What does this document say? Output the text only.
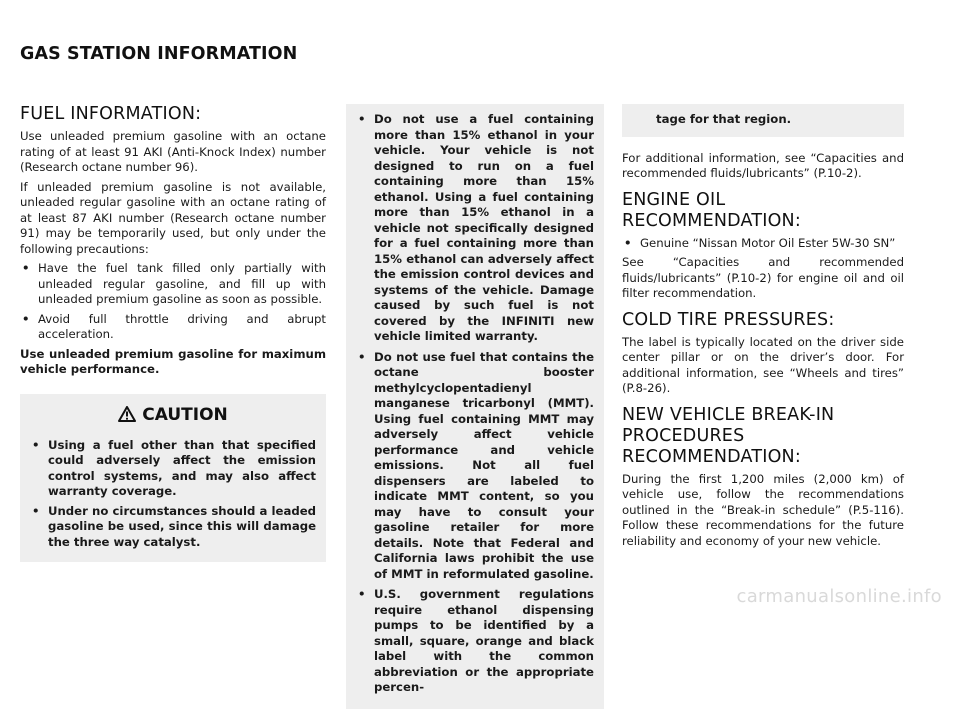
GAS STATION INFORMATION
FUEL INFORMATION:

Use unleaded premium gasoline with an octane rating of at least 91 AKI (Anti-Knock Index) number (Research octane number 96).

If unleaded premium gasoline is not available, unleaded regular gasoline with an octane rating of at least 87 AKI number (Research octane number 91) may be temporarily used, but only under the following precautions:

• Have the fuel tank filled only partially with unleaded regular gasoline, and fill up with unleaded premium gasoline as soon as possible.
• Avoid full throttle driving and abrupt acceleration.

Use unleaded premium gasoline for maximum vehicle performance.

CAUTION
• Using a fuel other than that specified could adversely affect the emission control systems, and may also affect warranty coverage.
• Under no circumstances should a leaded gasoline be used, since this will damage the three way catalyst.
• Do not use a fuel containing more than 15% ethanol in your vehicle. Your vehicle is not designed to run on a fuel containing more than 15% ethanol. Using a fuel containing more than 15% ethanol in a vehicle not specifically designed for a fuel containing more than 15% ethanol can adversely affect the emission control devices and systems of the vehicle. Damage caused by such fuel is not covered by the INFINITI new vehicle limited warranty.
• Do not use fuel that contains the octane booster methylcyclopentadienyl manganese tricarbonyl (MMT). Using fuel containing MMT may adversely affect vehicle performance and vehicle emissions. Not all fuel dispensers are labeled to indicate MMT content, so you may have to consult your gasoline retailer for more details. Note that Federal and California laws prohibit the use of MMT in reformulated gasoline.
• U.S. government regulations require ethanol dispensing pumps to be identified by a small, square, orange and black label with the common abbreviation or the appropriate percen-

tage for that region.

For additional information, see “Capacities and recommended fluids/lubricants” (P.10-2).

ENGINE OIL RECOMMENDATION:
• Genuine “Nissan Motor Oil Ester 5W-30 SN”

See “Capacities and recommended fluids/lubricants” (P.10-2) for engine oil and oil filter recommendation.

COLD TIRE PRESSURES:

The label is typically located on the driver side center pillar or on the driver’s door. For additional information, see “Wheels and tires” (P.8-26).

NEW VEHICLE BREAK-IN PROCEDURES RECOMMENDATION:

During the first 1,200 miles (2,000 km) of vehicle use, follow the recommendations outlined in the “Break-in schedule” (P.5-116). Follow these recommendations for the future reliability and economy of your new vehicle.

carmanualsonline.info
